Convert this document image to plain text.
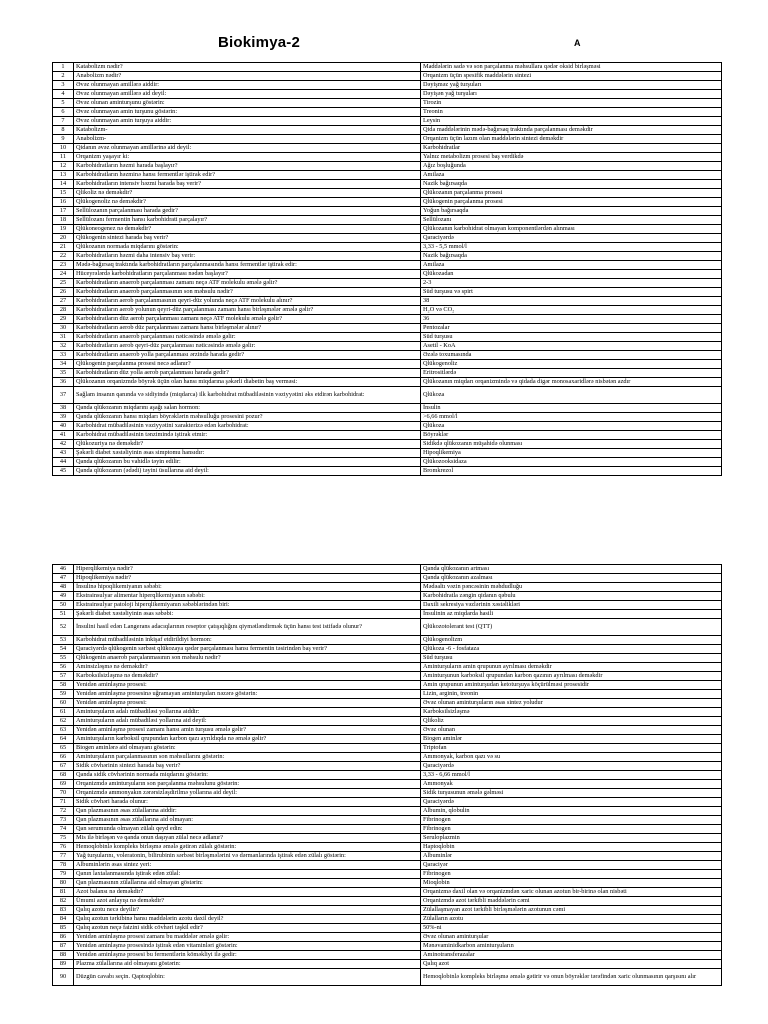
Biokimya-2	A
1	Katabolizm nədir?	Maddələrin sadə və son parçalanma məhsullara qədər oksid birləşməsi
2	Anabolizm nədir?	Orqanizm üçün spesifik maddələrin sintezi
3	Əvəz olunmayan amillərə aiddir:	Dəyişməz yağ turşuları
4	Əvəz olunmayan amillərə aid deyil:	Dəyişən yağ turşuları
5	Əvəz olunan aminturşunu göstərin:	Tirozin
6	Əvəz olunmayan amin turşunu göstərin:	Treonin
7	Əvəz olunmayan amin turşuya aiddir:	Leysin
8	Katabolizm-	Qida maddələrinin mədə-bağırsaq traktında parçalanması deməkdir
9	Anabolizm-	Orqanizm üçün lazım olan maddələrin sintezi deməkdir
10	Qidanın əvəz olunmayan amillərinə aid deyil:	Karbohidratlar
11	Orqanizm yaşayır ki:	Yalnız metabolizm prosesi baş verdikdə
12	Karbohidratların həzmi harada başlayır?	Ağız boşluğunda
13	Karbohidratların həzminə hansı fermentlər iştirak edir?	Amilaza
14	Karbohidratların intensiv həzmi harada baş verir?	Nazik bağırsaqda
15	Qlikoliz nə deməkdir?	Qlükozanın parçalanma prosesi
16	Qlükogenoliz nə deməkdir?	Qlükogenin parçalanma prosesi
17	Sellülozanın parçalanması harada gedir?	Yoğun bağırsaqda
18	Sellülozanı fermentin hansı karbohidrati parçalayır?	Sellülozanı
19	Qlükoneogenez nə deməkdir?	Qlükozanın karbohidrat olmayan komponentlərdən alınması
20	Qlükogenin sintezi harada baş verir?	Qaraciyərdə
21	Qlükozanın normada miqdarını göstərin:	3,33 - 5,5 mmol/l
22	Karbohidratların həzmi daha intensiv baş verir:	Nazik bağırsaqda
23	Mədə-bağırsaq traktında karbohidratların parçalanmasında hansı fermentlər iştirak edir:	Amilaza
24	Hüceyrələrdə karbohidratların parçalanması nədən başlayır?	Qlükozadan
25	Karbohidratların anaerob parçalanması zamanı neçə ATF molekulu əmələ gəlir?	2-3
26	Karbohidratların anaerob parçalanmasının son məhsulu nədir?	Süd turşusu və spirt
27	Karbohidratların aerob parçalanmasının qeyri-düz yolunda neçə ATF molekulu alınır?	38
28	Karbohidratların aerob yolunun qeyri-düz parçalanması zamanı hansı birləşmələr əmələ gəlir?	H₂O və CO₂
29	Karbohidratların düz aerob parçalanması zamanı neçə ATF molekulu əmələ gəlir?	36
30	Karbohidratların aerob düz parçalanması zamanı hansı birləşmələr alınır?	Pentozalar
31	Karbohidratların anaerob parçalanması nəticəsində əmələ gəlir:	Süd turşusu
32	Karbohidratların aerob qeyri-düz parçalanması nəticəsində əmələ gəlir:	Asetil - KoA
33	Karbohidratların anaerob yolla parçalanması ərzində harada gedir?	Əzələ toxumasında
34	Qlükogenin parçalanma prosesi necə adlanır?	Qlükogenoliz
35	Karbohidratların düz yolla aerob parçalanması harada gedir?	Eritrositlərdə
36	Qlükozanın orqanizmdə böyrək üçün olan hansı miqdarına şəkərli diabetin baş verməsi:	Qlükozanın miqdarı orqanizmində və qidada digər monosaxaridlərə nisbətən azdır
37	Sağlam insanın qanında və sidiyində (miqdarca) ilk karbohidrat mübadiləsinin vəziyyətini əks etdirən karbohidrat:	Qlükoza
38	Qanda qlükozanın miqdarını aşağı salan hormon:	İnsulin
39	Qanda qlükozanın hansı miqdarı böyrəklərin məhsulluğu prosesini pozur?	>6,66 mmol/l
40	Karbohidrat mübadiləsinin vəziyyətini xarakterizə edən karbohidrat:	Qlükoza
41	Karbohidrat mübadiləsinin tənzimində iştirak etmir:	Böyrəklər
42	Qlükozuriya nə deməkdir?	Sidikdə qlükozanın müşahidə olunması
43	Şəkərli diabet xəstəliyinin əsas simptomu hansıdır:	Hipoqlikemiya
44	Qanda qlükozanın bu vahidlə təyin edilir:	Qlükozooksidaza
45	Qanda qlükozanın (ədədi) təyini üsullarına aid deyil:	Bromkrezol
46	Hiperqlikemiya nədir?	Qanda qlükozanın artması
47	Hipoqlikemiya nədir?	Qanda qlükozanın azalması
48	İnsulinə hipoqlikemiyanın səbəbi:	Mədəaltı vəzin pəncəsinin məhdudluğu
49	Ekstrainsulyar alimentar hiperqlikemiyanın səbəbi:	Karbohidratla zəngin qidanın qəbulu
50	Ekstrainsulyar patoloji hiperqlikemiyanın səbəblərindən biri:	Daxili sekresiya vəzlərinin xəstəlikləri
51	Şəkərli diabet xəstəliyinin əsas səbəbi:	İnsulinin az miqdarda hasili
52	İnsulini hasil edən Langerans adacıqlarının reseptor çatışıqlığını qiymətləndirmək üçün hansı test istifadə olunur?	Qlükozotolerant test (QTT)
53	Karbohidrat mübadiləsinin inkişaf etdirildiyi hormon:	Qlükogenolizm
54	Qaraciyərdə qlükogenin sərbəst qlükozaya qədər parçalanması hansı fermentin təsirindən baş verir?	Qlükoza -6 - fosfataza
55	Qlükogenin anaerob parçalanmasının son məhsulu nədir?	Süd turşusu
56	Aminsizləşmə nə deməkdir?	Aminturşuların amin qrupunun ayrılması deməkdir
57	Karboksilsizləşmə nə deməkdir?	Aminturşunun karboksil qrupundan karbon qazının ayrılması deməkdir
58	Yenidən aminləşmə prosesi:	Amin qrupunun aminturşudan ketoturşuya köçürülməsi prosesidir
59	Yenidən aminləşmə prosesinə uğramayan aminturşuları nəzərə göstərin:	Lizin, arginin, treonin
60	Yenidən aminləşmə prosesi:	Əvəz olunan aminturşuların əsas sintez yoludur
61	Aminturşuların adalı mübadiləsi yollarına aiddir:	Karboksilsizləşmə
62	Aminturşuların adalı mübadiləsi yollarına aid deyil:	Qlikoliz
63	Yenidən aminləşmə prosesi zamanı hansı amin turşusu əmələ gəlir?	Əvəz olunan
64	Aminturşuların karboksil qrupundan karbon qazı ayrıldıqda nə əmələ gəlir?	Biogen aminlər
65	Biogen aminlərə aid olmayanı göstərin:	Triptofan
66	Aminturşuların parçalanmasının son məhsullarını göstərin:	Ammonyak, karbon qazı və su
67	Sidik cövhərinin sintezi harada baş verir?	Qaraciyərdə
68	Qanda sidik cövhərinin normada miqdarını göstərin:	3,33 - 6,66 mmol/l
69	Orqanizmdə aminturşuların son parçalanma məhsulunu göstərin:	Ammonyak
70	Orqanizmdə ammonyakın zərərsizləşdirilmə yollarına aid deyil:	Sidik turşusunun əmələ gəlməsi
71	Sidik cövhəri harada olunur:	Qaraciyərdə
72	Qan plazmasının əsas zülallarına aiddir:	Albumin, qlobulin
73	Qan plazmasının əsas zülallarına aid olmayan:	Fibrinogen
74	Qan serumunda olmayan zülalı qeyd edin:	Fibrinogen
75	Mis ilə birləşən və qanda onun daşıyan zülal necə adlanır?	Seruloplazmin
76	Hemoqlobinlə kompleks birləşmə əmələ gətirən zülalı göstərin:	Haptoqlobin
77	Yağ turşularını, voleratonin, bilirubinin sərbəst birləşmələrini və dərmanlarında iştirak edən zülalı göstərin:	Albuminlər
78	Albuminlərin əsas sintez yeri:	Qaraciyər
79	Qanın laxtalanmasında iştirak edən zülal:	Fibrinogen
80	Qan plazmasının zülallarına aid olmayan göstərin:	Mioqlobin
81	Azot balansı nə deməkdir?	Orqanizmə daxil olan və orqanizmdən xaric olunan azotun bir-birinə olan nisbəti
82	Ümumi azot anlayışı nə deməkdir?	Orqanizmdə azot tərkibli maddələrin cəmi
83	Qalıq azotu necə deyilir?	Zülallaşmayan azot tərkibli birləşmələrin azotunun cəmi
84	Qalıq azotun tərkibinə hansı maddələrin azotu daxil deyil?	Zülalların azotu
85	Qalıq azotun neçə faizini sidik cövhəri təşkil edir?	50%-ni
86	Yenidən aminləşmə prosesi zamanı bu maddələr əmələ gəlir:	Əvəz olunan aminturşular
87	Yenidən aminləşmə prosesində iştirak edən vitaminləri göstərin:	Mənəvaminidkarbon aminturşuların
88	Yenidən aminləşmə prosesi bu fermentlərin köməkliyi ilə gedir:	Aminotransferazalar
89	Plazma zülallarına aid olmayanı göstərin:	Qalıq azot
90	Düzgün cavabı seçin. Qaptoqlobin:	Hemoqlobinlə kompleks birləşmə əmələ gətirir və onun böyrəklər tərəfindən xaric olunmasının qarşısını alır
